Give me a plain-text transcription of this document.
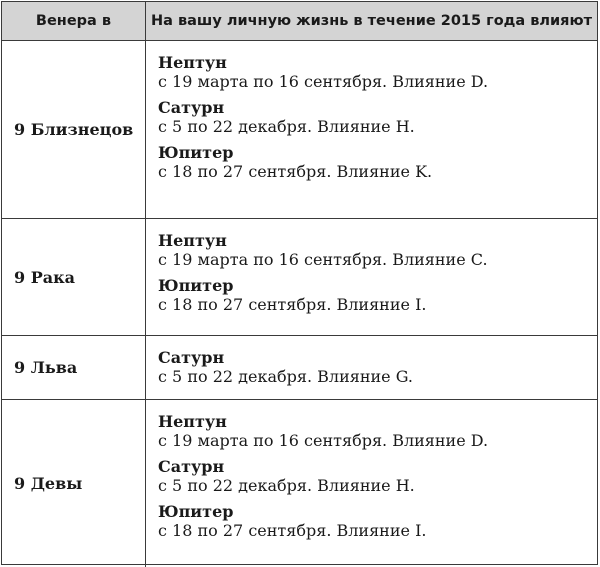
Венера в	На вашу личную жизнь в течение 2015 года влияют
9 Близнецов
Нептун
с 19 марта по 16 сентября. Влияние D.
Сатурн
с 5 по 22 декабря. Влияние H.
Юпитер
с 18 по 27 сентября. Влияние K.
9 Рака
Нептун
с 19 марта по 16 сентября. Влияние C.
Юпитер
с 18 по 27 сентября. Влияние I.
9 Льва
Сатурн
с 5 по 22 декабря. Влияние G.
9 Девы
Нептун
с 19 марта по 16 сентября. Влияние D.
Сатурн
с 5 по 22 декабря. Влияние H.
Юпитер
с 18 по 27 сентября. Влияние I.
